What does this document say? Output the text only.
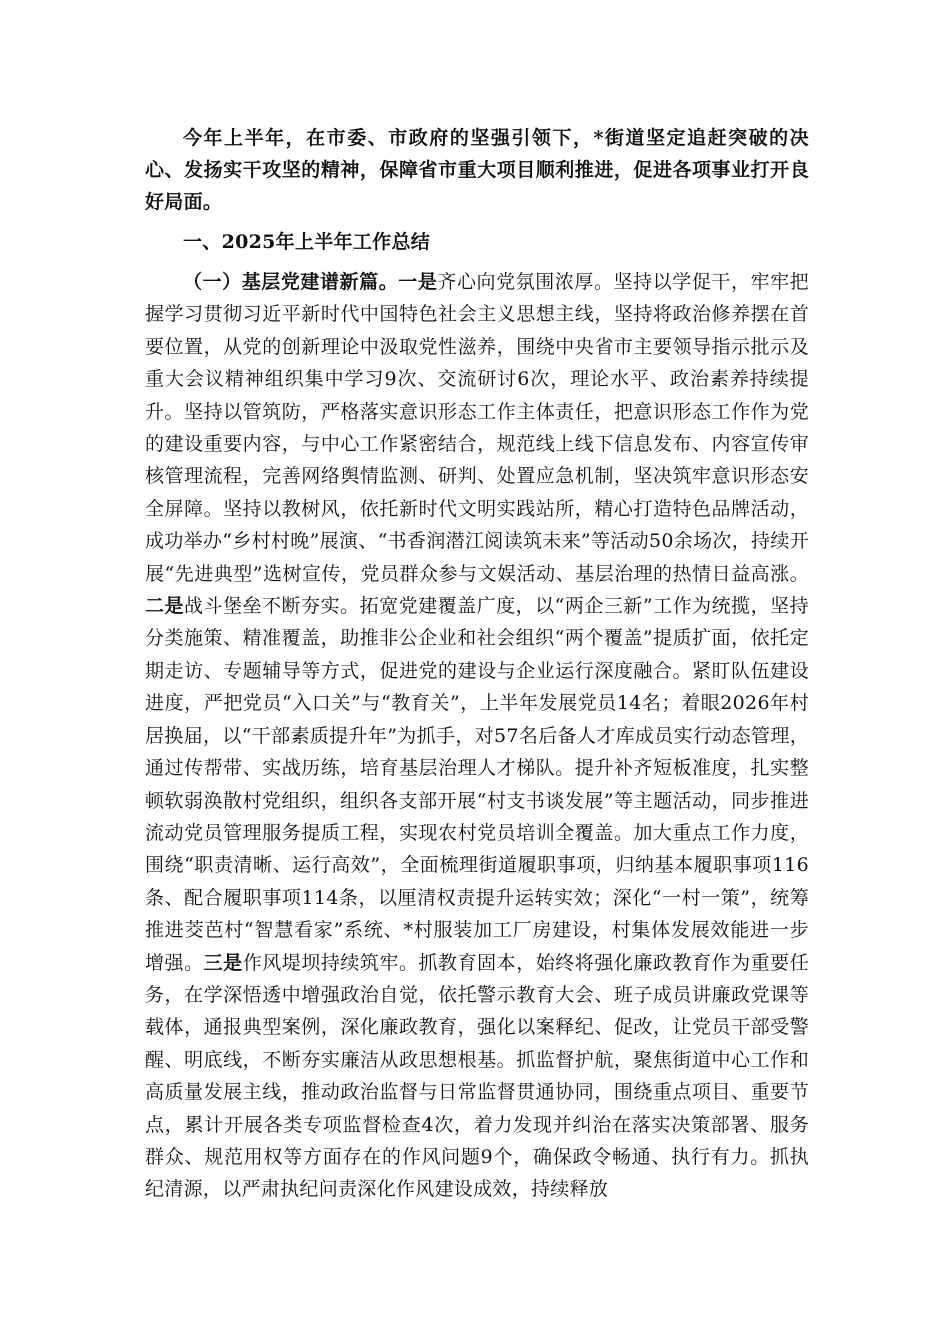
今年上半年，在市委、市政府的坚强引领下，*街道坚定追赶突破的决心、发扬实干攻坚的精神，保障省市重大项目顺利推进，促进各项事业打开良好局面。

一、2025年上半年工作总结

（一）基层党建谱新篇。一是齐心向党氛围浓厚。坚持以学促干，牢牢把握学习贯彻习近平新时代中国特色社会主义思想主线，坚持将政治修养摆在首要位置，从党的创新理论中汲取党性滋养，围绕中央省市主要领导指示批示及重大会议精神组织集中学习9次、交流研讨6次，理论水平、政治素养持续提升。坚持以管筑防，严格落实意识形态工作主体责任，把意识形态工作作为党的建设重要内容，与中心工作紧密结合，规范线上线下信息发布、内容宣传审核管理流程，完善网络舆情监测、研判、处置应急机制，坚决筑牢意识形态安全屏障。坚持以教树风，依托新时代文明实践站所，精心打造特色品牌活动，成功举办“乡村村晚”展演、“书香润潜江阅读筑未来”等活动50余场次，持续开展“先进典型”选树宣传，党员群众参与文娱活动、基层治理的热情日益高涨。二是战斗堡垒不断夯实。拓宽党建覆盖广度，以“两企三新”工作为统揽，坚持分类施策、精准覆盖，助推非公企业和社会组织“两个覆盖”提质扩面，依托定期走访、专题辅导等方式，促进党的建设与企业运行深度融合。紧盯队伍建设进度，严把党员“入口关”与“教育关”，上半年发展党员14名；着眼2026年村居换届，以“干部素质提升年”为抓手，对57名后备人才库成员实行动态管理，通过传帮带、实战历练，培育基层治理人才梯队。提升补齐短板准度，扎实整顿软弱涣散村党组织，组织各支部开展“村支书谈发展”等主题活动，同步推进流动党员管理服务提质工程，实现农村党员培训全覆盖。加大重点工作力度，围绕“职责清晰、运行高效”，全面梳理街道履职事项，归纳基本履职事项116条、配合履职事项114条，以厘清权责提升运转实效；深化“一村一策”，统筹推进茭芭村“智慧看家”系统、*村服装加工厂房建设，村集体发展效能进一步增强。三是作风堤坝持续筑牢。抓教育固本，始终将强化廉政教育作为重要任务，在学深悟透中增强政治自觉，依托警示教育大会、班子成员讲廉政党课等载体，通报典型案例，深化廉政教育，强化以案释纪、促改，让党员干部受警醒、明底线，不断夯实廉洁从政思想根基。抓监督护航，聚焦街道中心工作和高质量发展主线，推动政治监督与日常监督贯通协同，围绕重点项目、重要节点，累计开展各类专项监督检查4次，着力发现并纠治在落实决策部署、服务群众、规范用权等方面存在的作风问题9个，确保政令畅通、执行有力。抓执纪清源，以严肃执纪问责深化作风建设成效，持续释放
